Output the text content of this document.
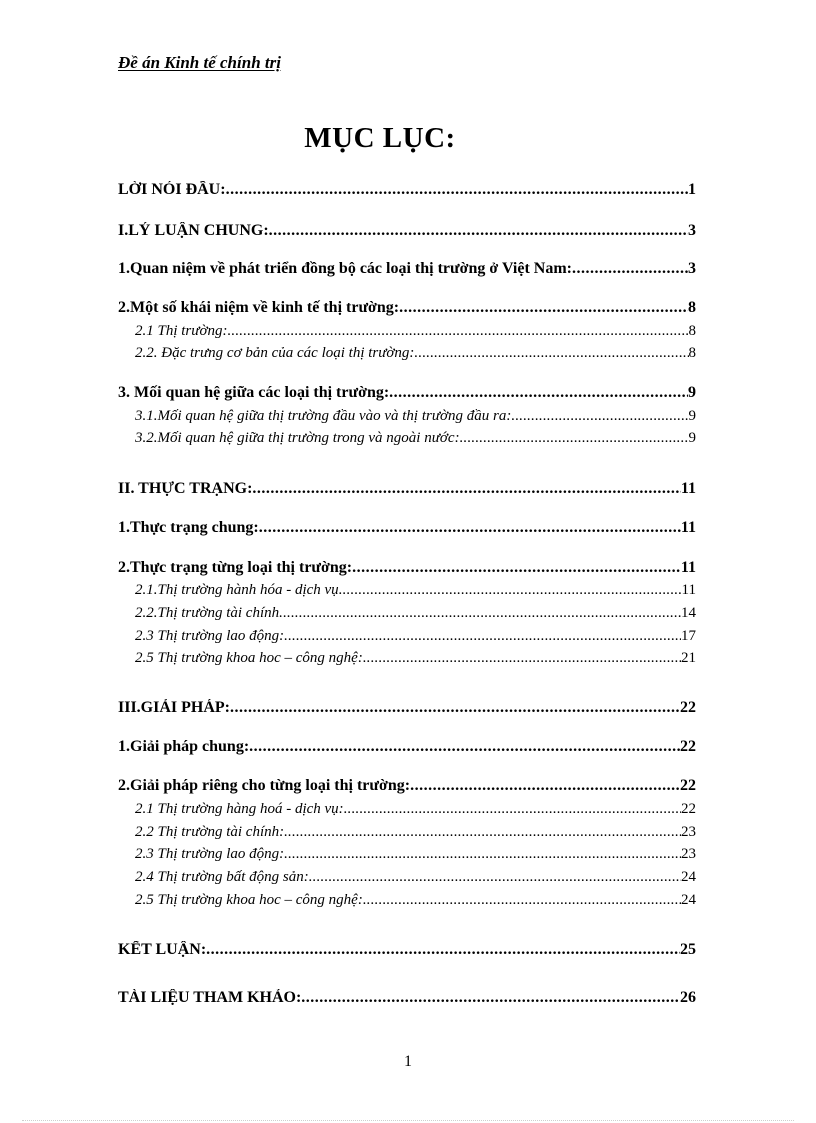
Đề án Kinh tế chính trị
MỤC LỤC:
LỜI NÓI ĐẦU: .....	1
I.LÝ LUẬN CHUNG: .....	3
1.Quan niệm về phát triển đồng bộ các loại thị trường ở Việt Nam: .....	3
2.Một số khái niệm về kinh tế thị trường: .....	8
2.1 Thị trường: .....	8
2.2. Đặc trưng cơ bản của các loại thị trường: .....	8
3. Mối quan hệ giữa các loại thị trường: .....	9
3.1.Mối quan hệ giữa thị trường đầu vào và thị trường đầu ra: .....	9
3.2.Mối quan hệ giữa thị trường trong và ngoài nước: .....	9
II. THỰC TRẠNG: .....	11
1.Thực trạng chung: .....	11
2.Thực trạng từng loại thị trường: .....	11
2.1.Thị trường hành hóa - dịch vụ .....	11
2.2.Thị trường tài chính .....	14
2.3 Thị trường lao động: .....	17
2.5 Thị trường khoa hoc – công nghệ: .....	21
III.GIẢI PHÁP: .....	22
1.Giải pháp chung: .....	22
2.Giải pháp riêng cho từng loại thị trường: .....	22
2.1 Thị trường hàng hoá - dịch vụ: .....	22
2.2 Thị trường tài chính: .....	23
2.3 Thị trường lao động: .....	23
2.4 Thị trường bất động sản: .....	24
2.5 Thị trường khoa hoc – công nghệ: .....	24
KẾT LUẬN: .....	25
TÀI LIỆU THAM KHẢO: .....	26
1
